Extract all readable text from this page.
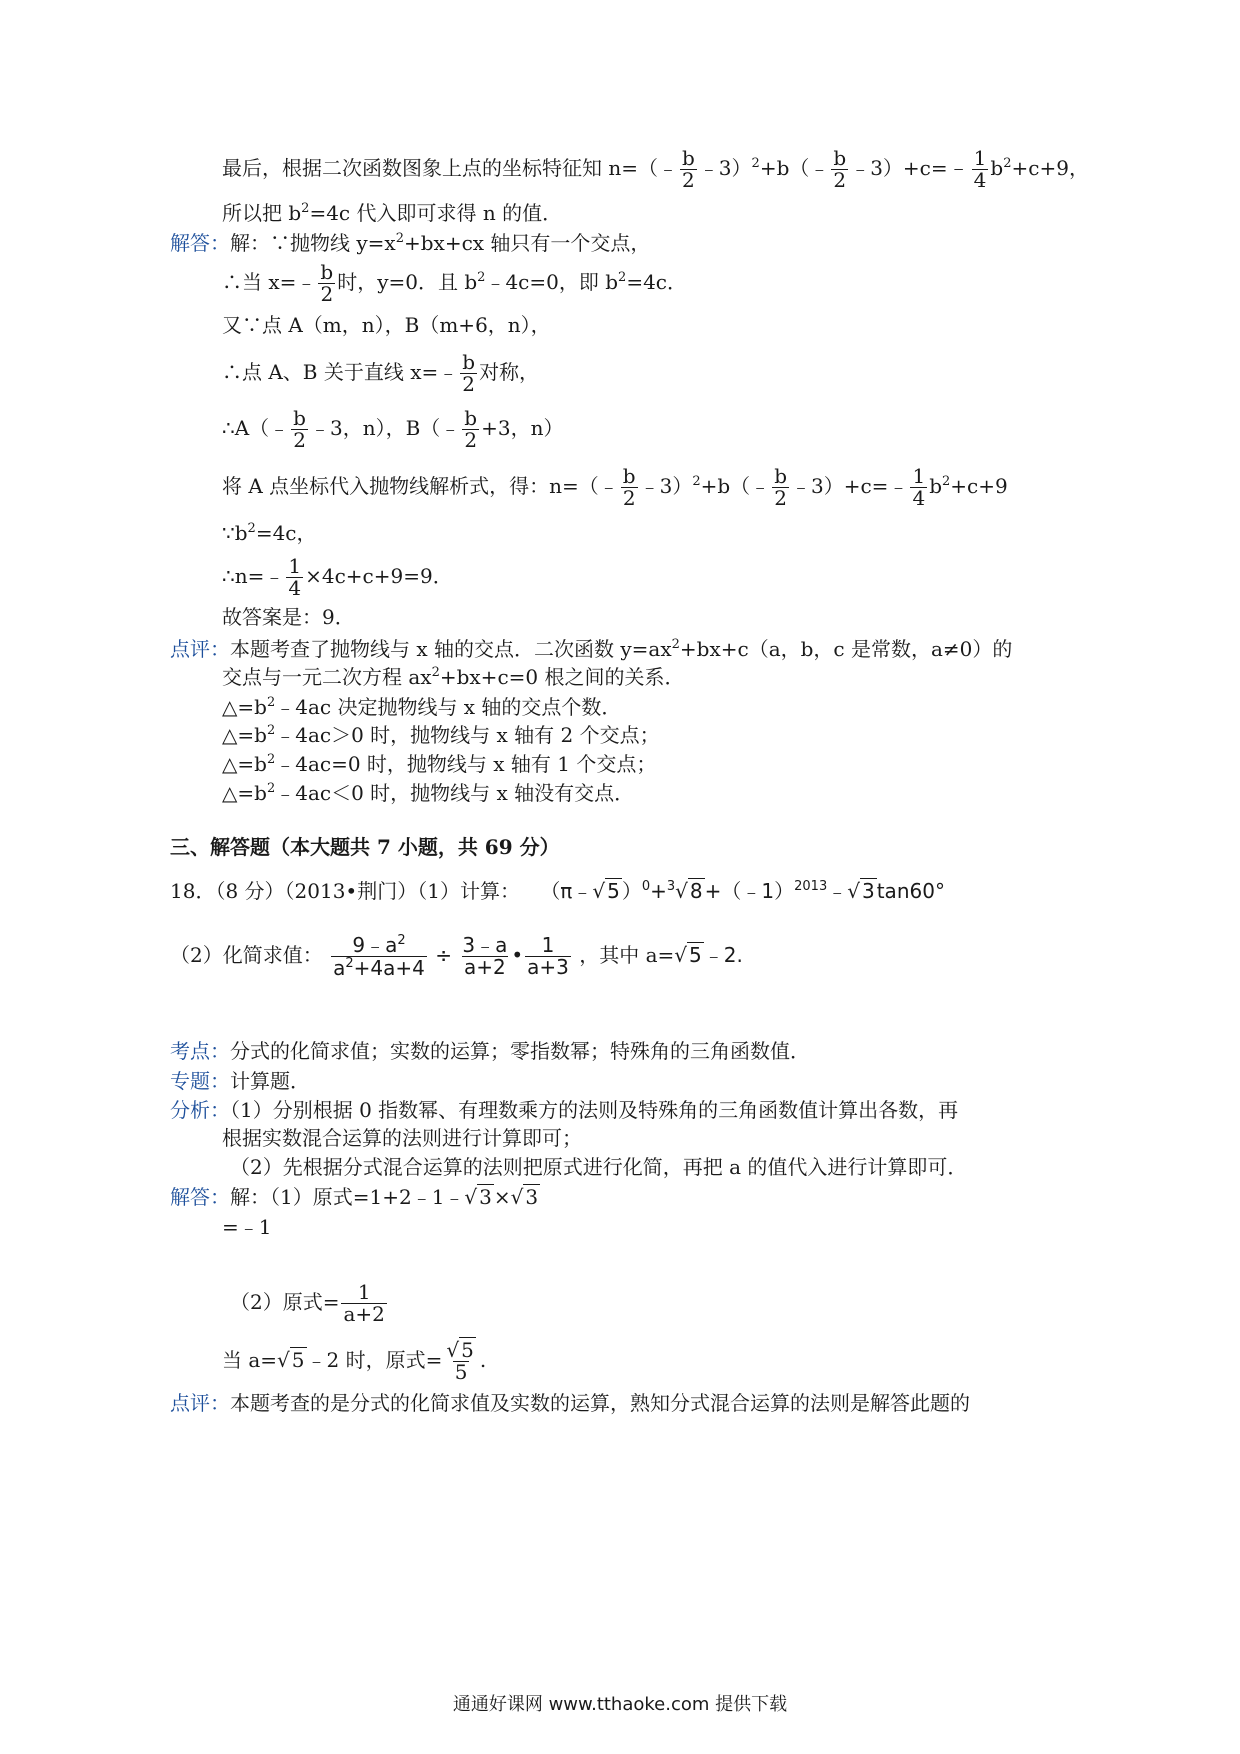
最后，根据二次函数图象上点的坐标特征知 n=（﹣ $\frac{b}{2}$ ﹣3）$^2$+b（﹣ $\frac{b}{2}$ ﹣3）+c=﹣ $\frac{1}{4} b^2+c+9$，
所以把 $b^2=4c$ 代入即可求得 n 的值．
解答：解：∵抛物线 $y=x^2+bx+cx$ 轴只有一个交点，
∴当 x=﹣ $\frac{b}{2}$ 时，y=0．且 $b^2﹣4c=0$，即 $b^2=4c$．
又∵点 A（m，n），B（m+6，n），
∴点 A、B 关于直线 x=﹣ $\frac{b}{2}$ 对称，
∴A（﹣ $\frac{b}{2}$ ﹣3，n），B（﹣ $\frac{b}{2} +3$，n）
将 A 点坐标代入抛物线解析式，得：n=（﹣ $\frac{b}{2}$ ﹣3）$^2$+b（﹣ $\frac{b}{2}$ ﹣3）+c=﹣ $\frac{1}{4} b^2+c+9$
$\because b^2=4c$，
∴n=﹣ $\frac{1}{4} \times 4c+c+9=9$．
故答案是：9．
点评：本题考查了抛物线与 x 轴的交点．二次函数 $y=ax^2+bx+c(a$，b，c 是常数，a≠0）的
交点与一元二次方程 $ax^2+bx+c=0$ 根之间的关系．
$\triangle=b^2﹣4ac$ 决定抛物线与 x 轴的交点个数．
$\triangle=b^2﹣4ac>0$ 时，抛物线与 x 轴有 2 个交点；
$\triangle=b^2﹣4ac=0$ 时，抛物线与 x 轴有 1 个交点；
$\triangle=b^2﹣4ac<0$ 时，抛物线与 x 轴没有交点．
三、解答题（本大题共 7 小题，共 69 分）
18．（8 分）（2013•荆门）（1）计算： （π﹣√ 5 ）$^0$+$^3$√ 8 +（﹣1）$^{2013}$﹣√ 3 tan60°
（2）化简求值： $\frac{9﹣a^2}{a^2+4a+4} \div \frac{3﹣a}{a+2}$ • $\frac{1}{a+3}$ ，其中 a=√ 5 ﹣2.
考点：分式的化简求值；实数的运算；零指数幂；特殊角的三角函数值．
专题：计算题．
分析：（1）分别根据 0 指数幂、有理数乘方的法则及特殊角的三角函数值计算出各数，再
根据实数混合运算的法则进行计算即可；
（2）先根据分式混合运算的法则把原式进行化简，再把 a 的值代入进行计算即可．
解答：解：（1）原式=1+2﹣1﹣√ 3 ×√ 3
=﹣1
（2）原式= $\frac{1}{a+2}$
当 a=√ 5 ﹣2 时，原式= $\frac{√ 5}{5}$ .
点评：本题考查的是分式的化简求值及实数的运算，熟知分式混合运算的法则是解答此题的
通通好课网 www.tthaoke.com 提供下载
